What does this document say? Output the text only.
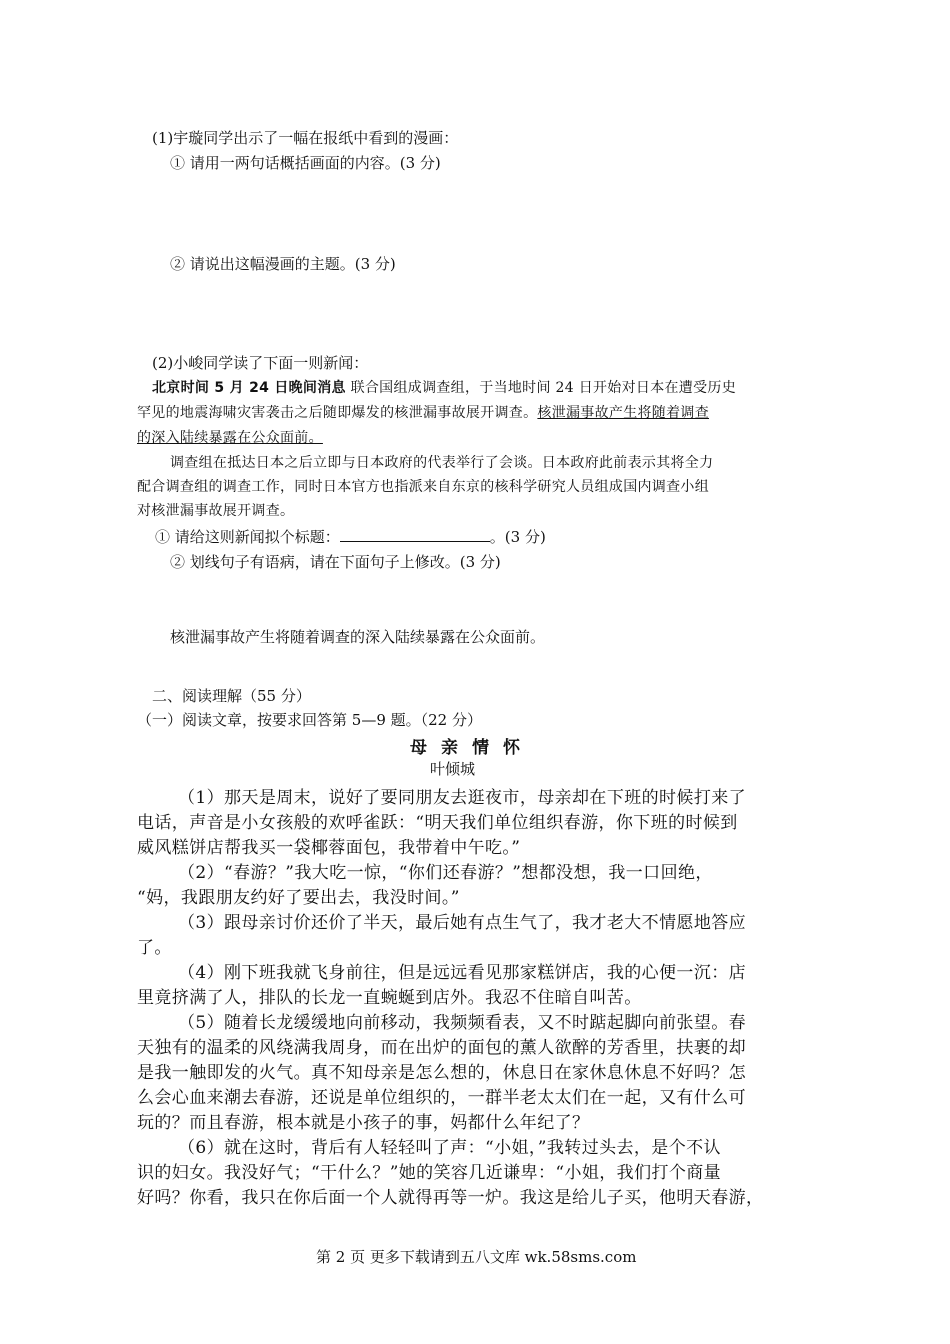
(1)宇璇同学出示了一幅在报纸中看到的漫画：
① 请用一两句话概括画面的内容。(3 分)
② 请说出这幅漫画的主题。(3 分)
(2)小峻同学读了下面一则新闻：
北京时间 5 月 24 日晚间消息 联合国组成调查组，于当地时间 24 日开始对日本在遭受历史
罕见的地震海啸灾害袭击之后随即爆发的核泄漏事故展开调查。核泄漏事故产生将随着调查
的深入陆续暴露在公众面前。
调查组在抵达日本之后立即与日本政府的代表举行了会谈。日本政府此前表示其将全力
配合调查组的调查工作，同时日本官方也指派来自东京的核科学研究人员组成国内调查小组
对核泄漏事故展开调查。
① 请给这则新闻拟个标题：	。(3 分)
② 划线句子有语病，请在下面句子上修改。(3 分)
核泄漏事故产生将随着调查的深入陆续暴露在公众面前。
二、阅读理解（55 分）
（一）阅读文章，按要求回答第 5—9 题。（22 分）
母亲情怀
叶倾城
（1）那天是周末，说好了要同朋友去逛夜市，母亲却在下班的时候打来了
电话，声音是小女孩般的欢呼雀跃：“明天我们单位组织春游，你下班的时候到
威风糕饼店帮我买一袋椰蓉面包，我带着中午吃。”
（2）“春游？”我大吃一惊，“你们还春游？”想都没想，我一口回绝，
“妈，我跟朋友约好了要出去，我没时间。”
（3）跟母亲讨价还价了半天，最后她有点生气了，我才老大不情愿地答应
了。
（4）刚下班我就飞身前往，但是远远看见那家糕饼店，我的心便一沉：店
里竟挤满了人，排队的长龙一直蜿蜒到店外。我忍不住暗自叫苦。
（5）随着长龙缓缓地向前移动，我频频看表，又不时踮起脚向前张望。春
天独有的温柔的风绕满我周身，而在出炉的面包的薰人欲醉的芳香里，扶裹的却
是我一触即发的火气。真不知母亲是怎么想的，休息日在家休息休息不好吗？怎
么会心血来潮去春游，还说是单位组织的，一群半老太太们在一起，又有什么可
玩的？而且春游，根本就是小孩子的事，妈都什么年纪了？
（6）就在这时，背后有人轻轻叫了声：“小姐，”我转过头去，是个不认
识的妇女。我没好气；“干什么？”她的笑容几近谦卑：“小姐，我们打个商量
好吗？你看，我只在你后面一个人就得再等一炉。我这是给儿子买，他明天春游，
第 2 页 更多下载请到五八文库 wk.58sms.com
